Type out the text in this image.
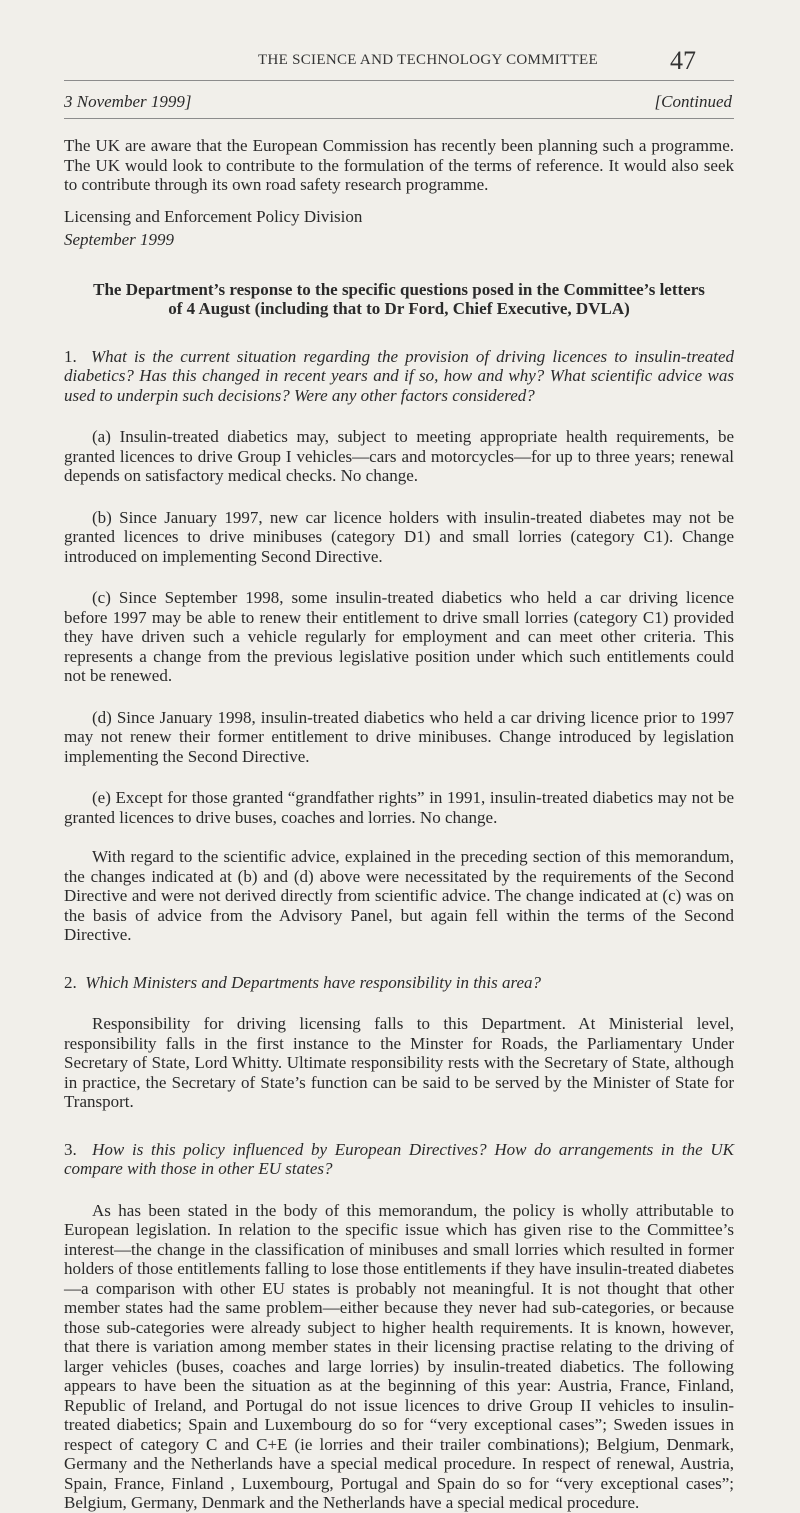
THE SCIENCE AND TECHNOLOGY COMMITTEE	47
3 November 1999]	[Continued

The UK are aware that the European Commission has recently been planning such a programme. The UK would look to contribute to the formulation of the terms of reference. It would also seek to contribute through its own road safety research programme.

Licensing and Enforcement Policy Division

September 1999

The Department’s response to the specific questions posed in the Committee’s letters of 4 August (including that to Dr Ford, Chief Executive, DVLA)

1. What is the current situation regarding the provision of driving licences to insulin-treated diabetics? Has this changed in recent years and if so, how and why? What scientific advice was used to underpin such decisions? Were any other factors considered?

(a) Insulin-treated diabetics may, subject to meeting appropriate health requirements, be granted licences to drive Group I vehicles—cars and motorcycles—for up to three years; renewal depends on satisfactory medical checks. No change.

(b) Since January 1997, new car licence holders with insulin-treated diabetes may not be granted licences to drive minibuses (category D1) and small lorries (category C1). Change introduced on implementing Second Directive.

(c) Since September 1998, some insulin-treated diabetics who held a car driving licence before 1997 may be able to renew their entitlement to drive small lorries (category C1) provided they have driven such a vehicle regularly for employment and can meet other criteria. This represents a change from the previous legislative position under which such entitlements could not be renewed.

(d) Since January 1998, insulin-treated diabetics who held a car driving licence prior to 1997 may not renew their former entitlement to drive minibuses. Change introduced by legislation implementing the Second Directive.

(e) Except for those granted “grandfather rights” in 1991, insulin-treated diabetics may not be granted licences to drive buses, coaches and lorries. No change.

With regard to the scientific advice, explained in the preceding section of this memorandum, the changes indicated at (b) and (d) above were necessitated by the requirements of the Second Directive and were not derived directly from scientific advice. The change indicated at (c) was on the basis of advice from the Advisory Panel, but again fell within the terms of the Second Directive.

2. Which Ministers and Departments have responsibility in this area?

Responsibility for driving licensing falls to this Department. At Ministerial level, responsibility falls in the first instance to the Minster for Roads, the Parliamentary Under Secretary of State, Lord Whitty. Ultimate responsibility rests with the Secretary of State, although in practice, the Secretary of State’s function can be said to be served by the Minister of State for Transport.

3. How is this policy influenced by European Directives? How do arrangements in the UK compare with those in other EU states?

As has been stated in the body of this memorandum, the policy is wholly attributable to European legislation. In relation to the specific issue which has given rise to the Committee’s interest—the change in the classification of minibuses and small lorries which resulted in former holders of those entitlements falling to lose those entitlements if they have insulin-treated diabetes—a comparison with other EU states is probably not meaningful. It is not thought that other member states had the same problem—either because they never had sub-categories, or because those sub-categories were already subject to higher health requirements. It is known, however, that there is variation among member states in their licensing practise relating to the driving of larger vehicles (buses, coaches and large lorries) by insulin-treated diabetics. The following appears to have been the situation as at the beginning of this year: Austria, France, Finland, Republic of Ireland, and Portugal do not issue licences to drive Group II vehicles to insulin-treated diabetics; Spain and Luxembourg do so for “very exceptional cases”; Sweden issues in respect of category C and C+E (ie lorries and their trailer combinations); Belgium, Denmark, Germany and the Netherlands have a special medical procedure. In respect of renewal, Austria, Spain, France, Finland , Luxembourg, Portugal and Spain do so for “very exceptional cases”; Belgium, Germany, Denmark and the Netherlands have a special medical procedure.
